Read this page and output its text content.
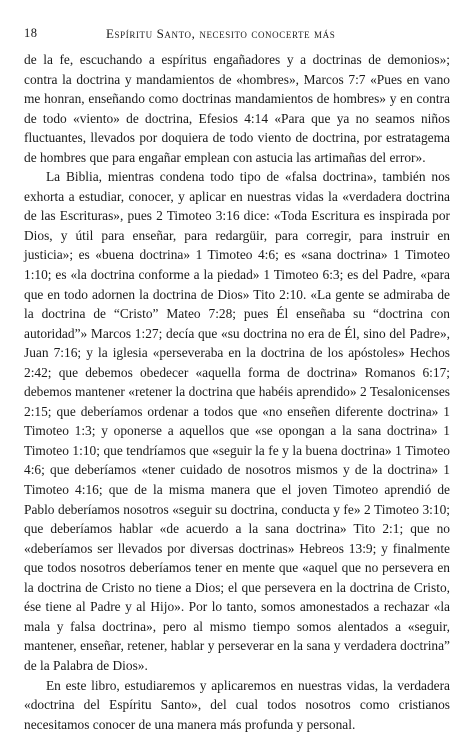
18	Espíritu Santo, necesito conocerte más

de la fe, escuchando a espíritus engañadores y a doctrinas de demonios»; contra la doctrina y mandamientos de «hombres», Marcos 7:7 «Pues en vano me honran, enseñando como doctrinas mandamientos de hombres» y en contra de todo «viento» de doctrina, Efesios 4:14 «Para que ya no seamos niños fluctuantes, llevados por doquiera de todo viento de doctrina, por estratagema de hombres que para engañar emplean con astucia las artimañas del error».

La Biblia, mientras condena todo tipo de «falsa doctrina», también nos exhorta a estudiar, conocer, y aplicar en nuestras vidas la «verdadera doctrina de las Escrituras», pues 2 Timoteo 3:16 dice: «Toda Escritura es inspirada por Dios, y útil para enseñar, para redargüir, para corregir, para instruir en justicia»; es «buena doctrina» 1 Timoteo 4:6; es «sana doctrina» 1 Timoteo 1:10; es «la doctrina conforme a la piedad» 1 Timoteo 6:3; es del Padre, «para que en todo adornen la doctrina de Dios» Tito 2:10. «La gente se admiraba de la doctrina de “Cristo” Mateo 7:28; pues Él enseñaba su “doctrina con autoridad”» Marcos 1:27; decía que «su doctrina no era de Él, sino del Padre», Juan 7:16; y la iglesia «perseveraba en la doctrina de los apóstoles» Hechos 2:42; que debemos obedecer «aquella forma de doctrina» Romanos 6:17; debemos mantener «retener la doctrina que habéis aprendido» 2 Tesalonicenses 2:15; que deberíamos ordenar a todos que «no enseñen diferente doctrina» 1 Timoteo 1:3; y oponerse a aquellos que «se opongan a la sana doctrina» 1 Timoteo 1:10; que tendríamos que «seguir la fe y la buena doctrina» 1 Timoteo 4:6; que deberíamos «tener cuidado de nosotros mismos y de la doctrina» 1 Timoteo 4:16; que de la misma manera que el joven Timoteo aprendió de Pablo deberíamos nosotros «seguir su doctrina, conducta y fe» 2 Timoteo 3:10; que deberíamos hablar «de acuerdo a la sana doctrina» Tito 2:1; que no «deberíamos ser llevados por diversas doctrinas» Hebreos 13:9; y finalmente que todos nosotros deberíamos tener en mente que «aquel que no persevera en la doctrina de Cristo no tiene a Dios; el que persevera en la doctrina de Cristo, ése tiene al Padre y al Hijo». Por lo tanto, somos amonestados a rechazar «la mala y falsa doctrina», pero al mismo tiempo somos alentados a «seguir, mantener, enseñar, retener, hablar y perseverar en la sana y verdadera doctrina” de la Palabra de Dios».

En este libro, estudiaremos y aplicaremos en nuestras vidas, la verdadera «doctrina del Espíritu Santo», del cual todos nosotros como cristianos necesitamos conocer de una manera más profunda y personal.
